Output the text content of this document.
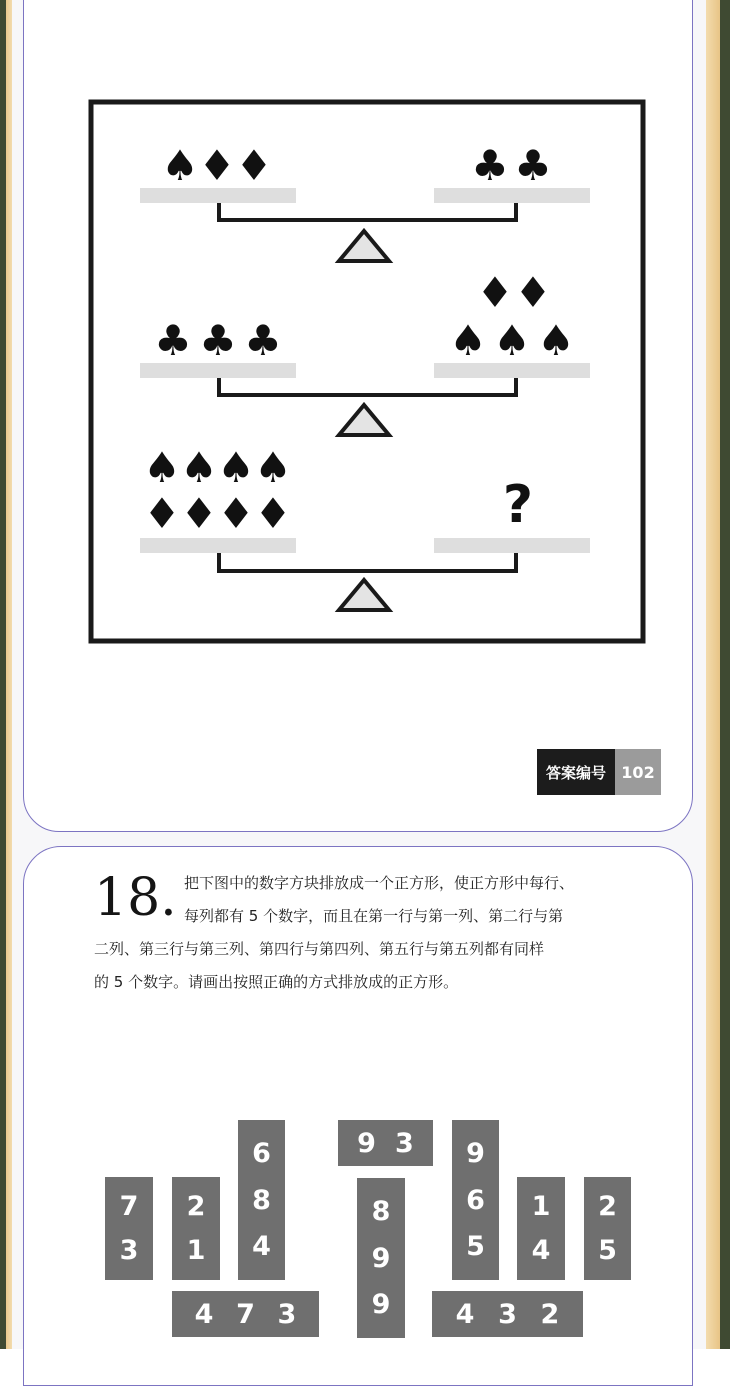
♠ ♦ ♦	♣ ♣
♣ ♣ ♣
♦ ♦
♠ ♠ ♠
♠ ♠ ♠ ♠
♦ ♦ ♦ ♦	?
答案编号 102
18. 把下图中的数字方块排放成一个正方形，使正方形中每行、
每列都有 5 个数字，而且在第一行与第一列、第二行与第
二列、第三行与第三列、第四行与第四列、第五行与第五列都有同样
的 5 个数字。请画出按照正确的方式排放成的正方形。
7
3
2
1
6
8
4
9 3
8
9
9
9
6
5
1
4
2
5
4 7 3	4 3 2
